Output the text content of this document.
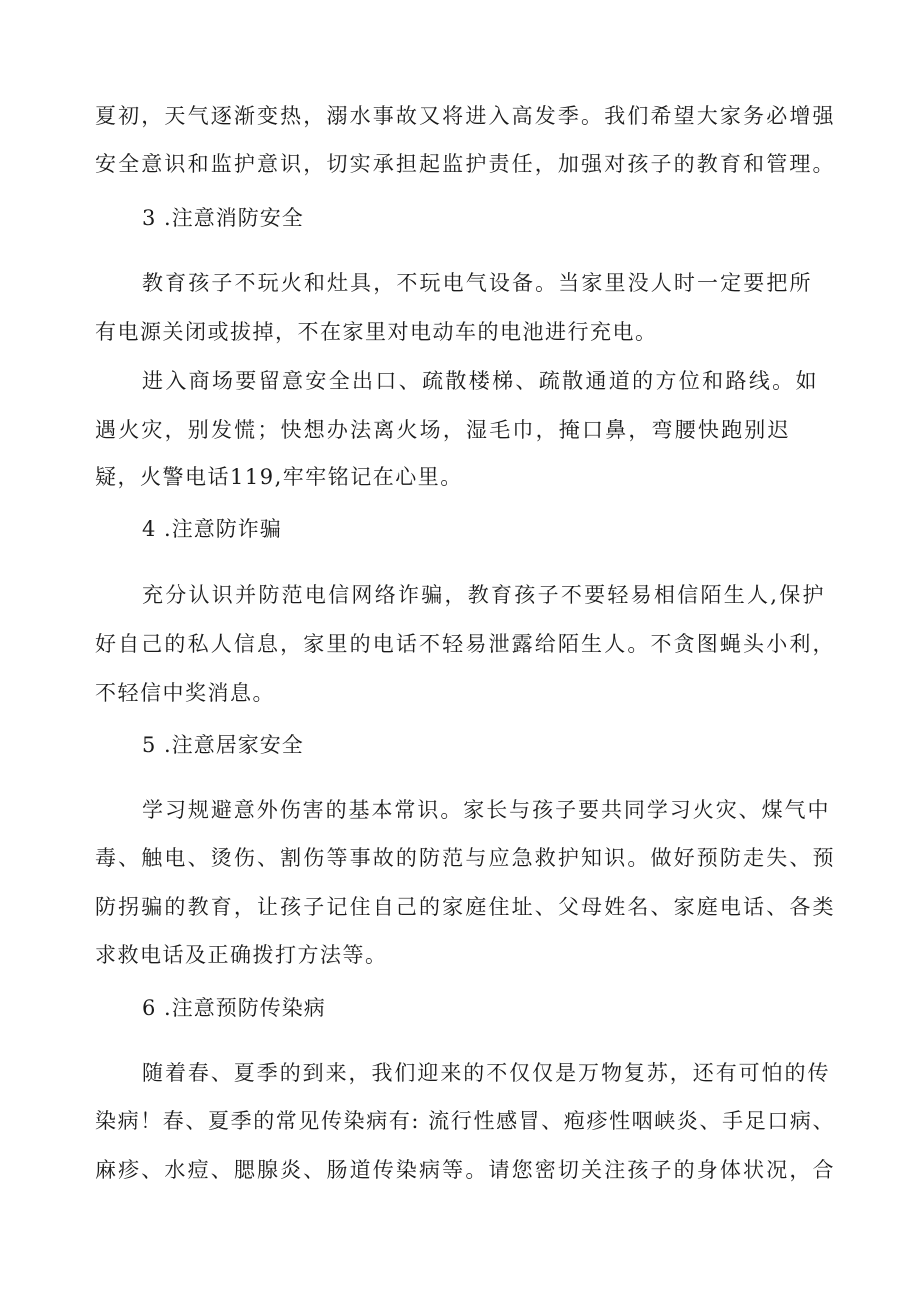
夏初，天气逐渐变热，溺水事故又将进入高发季。我们希望大家务必增强
安全意识和监护意识，切实承担起监护责任，加强对孩子的教育和管理。
3 .注意消防安全
教育孩子不玩火和灶具，不玩电气设备。当家里没人时一定要把所
有电源关闭或拔掉，不在家里对电动车的电池进行充电。
进入商场要留意安全出口、疏散楼梯、疏散通道的方位和路线。如
遇火灾，别发慌；快想办法离火场，湿毛巾，掩口鼻，弯腰快跑别迟
疑，火警电话119,牢牢铭记在心里。
4 .注意防诈骗
充分认识并防范电信网络诈骗，教育孩子不要轻易相信陌生人,保护
好自己的私人信息，家里的电话不轻易泄露给陌生人。不贪图蝇头小利，
不轻信中奖消息。
5 .注意居家安全
学习规避意外伤害的基本常识。家长与孩子要共同学习火灾、煤气中
毒、触电、烫伤、割伤等事故的防范与应急救护知识。做好预防走失、预
防拐骗的教育，让孩子记住自己的家庭住址、父母姓名、家庭电话、各类
求救电话及正确拨打方法等。
6 .注意预防传染病
随着春、夏季的到来，我们迎来的不仅仅是万物复苏，还有可怕的传
染病！春、夏季的常见传染病有: 流行性感冒、疱疹性咽峡炎、手足口病、
麻疹、水痘、腮腺炎、肠道传染病等。请您密切关注孩子的身体状况，合
